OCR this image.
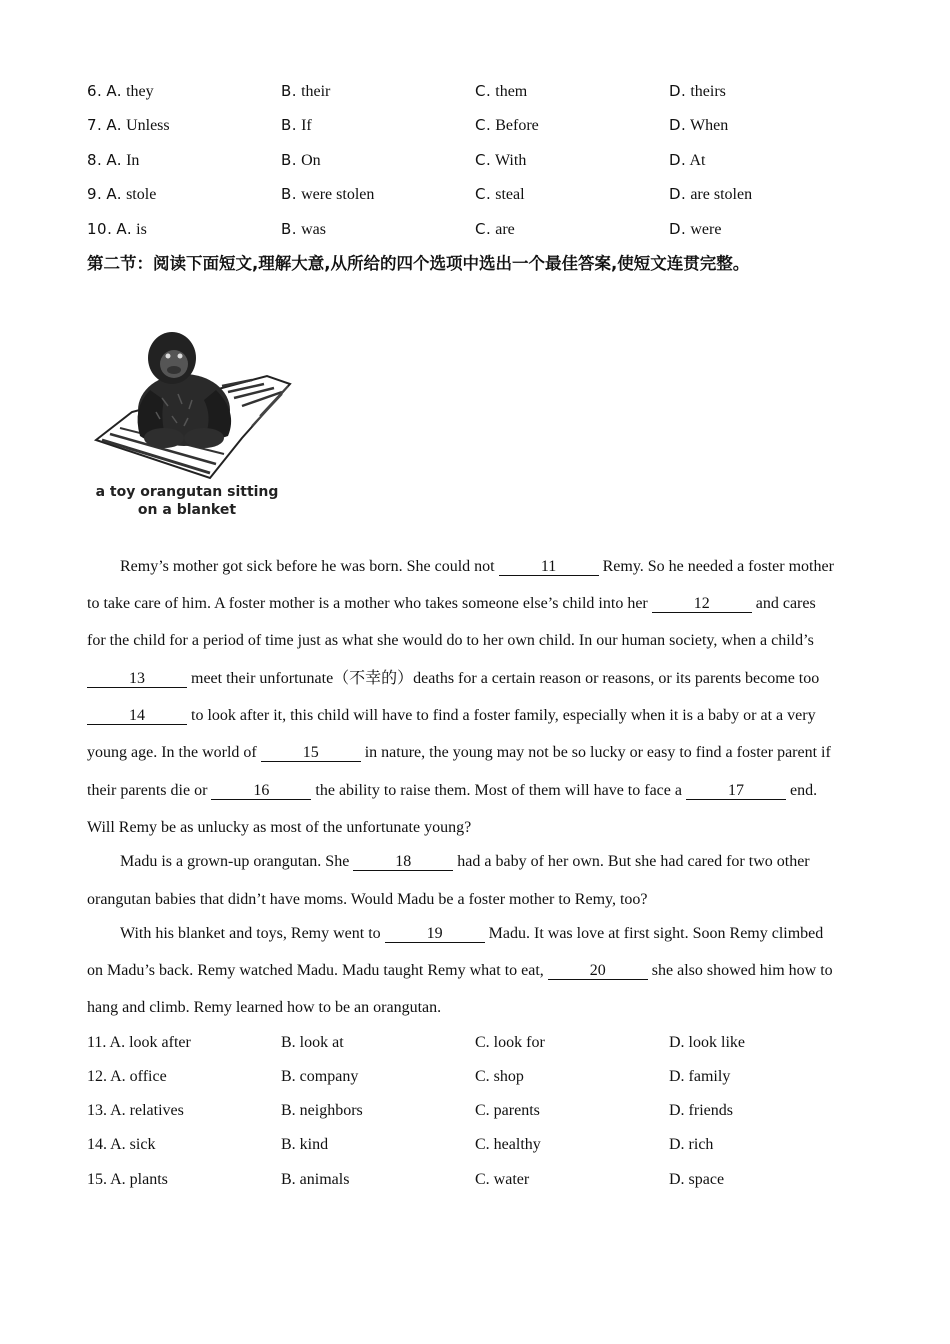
6. A. they	B. their	C. them	D. theirs
7. A. Unless	B. If	C. Before	D. When
8. A. In	B. On	C. With	D. At
9. A. stole	B. were stolen	C. steal	D. are stolen
10. A. is	B. was	C. are	D. were
第二节：阅读下面短文,理解大意,从所给的四个选项中选出一个最佳答案,使短文连贯完整。
a toy orangutan sitting
on a blanket
Remy’s mother got sick before he was born. She could not	11	Remy. So he needed a foster mother
to take care of him. A foster mother is a mother who takes someone else’s child into her	12	and cares
for the child for a period of time just as what she would do to her own child. In our human society, when a child’s
13	meet their unfortunate（不幸的）deaths for a certain reason or reasons, or its parents become too
14	to look after it, this child will have to find a foster family, especially when it is a baby or at a very
young age. In the world of	15	in nature, the young may not be so lucky or easy to find a foster parent if
their parents die or	16	the ability to raise them. Most of them will have to face a	17	end.
Will Remy be as unlucky as most of the unfortunate young?
Madu is a grown-up orangutan. She	18	had a baby of her own. But she had cared for two other
orangutan babies that didn’t have moms. Would Madu be a foster mother to Remy, too?
With his blanket and toys, Remy went to	19	Madu. It was love at first sight. Soon Remy climbed
on Madu’s back. Remy watched Madu. Madu taught Remy what to eat,	20	she also showed him how to
hang and climb. Remy learned how to be an orangutan.
11. A. look after	B. look at	C. look for	D. look like
12. A. office	B. company	C. shop	D. family
13. A. relatives	B. neighbors	C. parents	D. friends
14. A. sick	B. kind	C. healthy	D. rich
15. A. plants	B. animals	C. water	D. space
